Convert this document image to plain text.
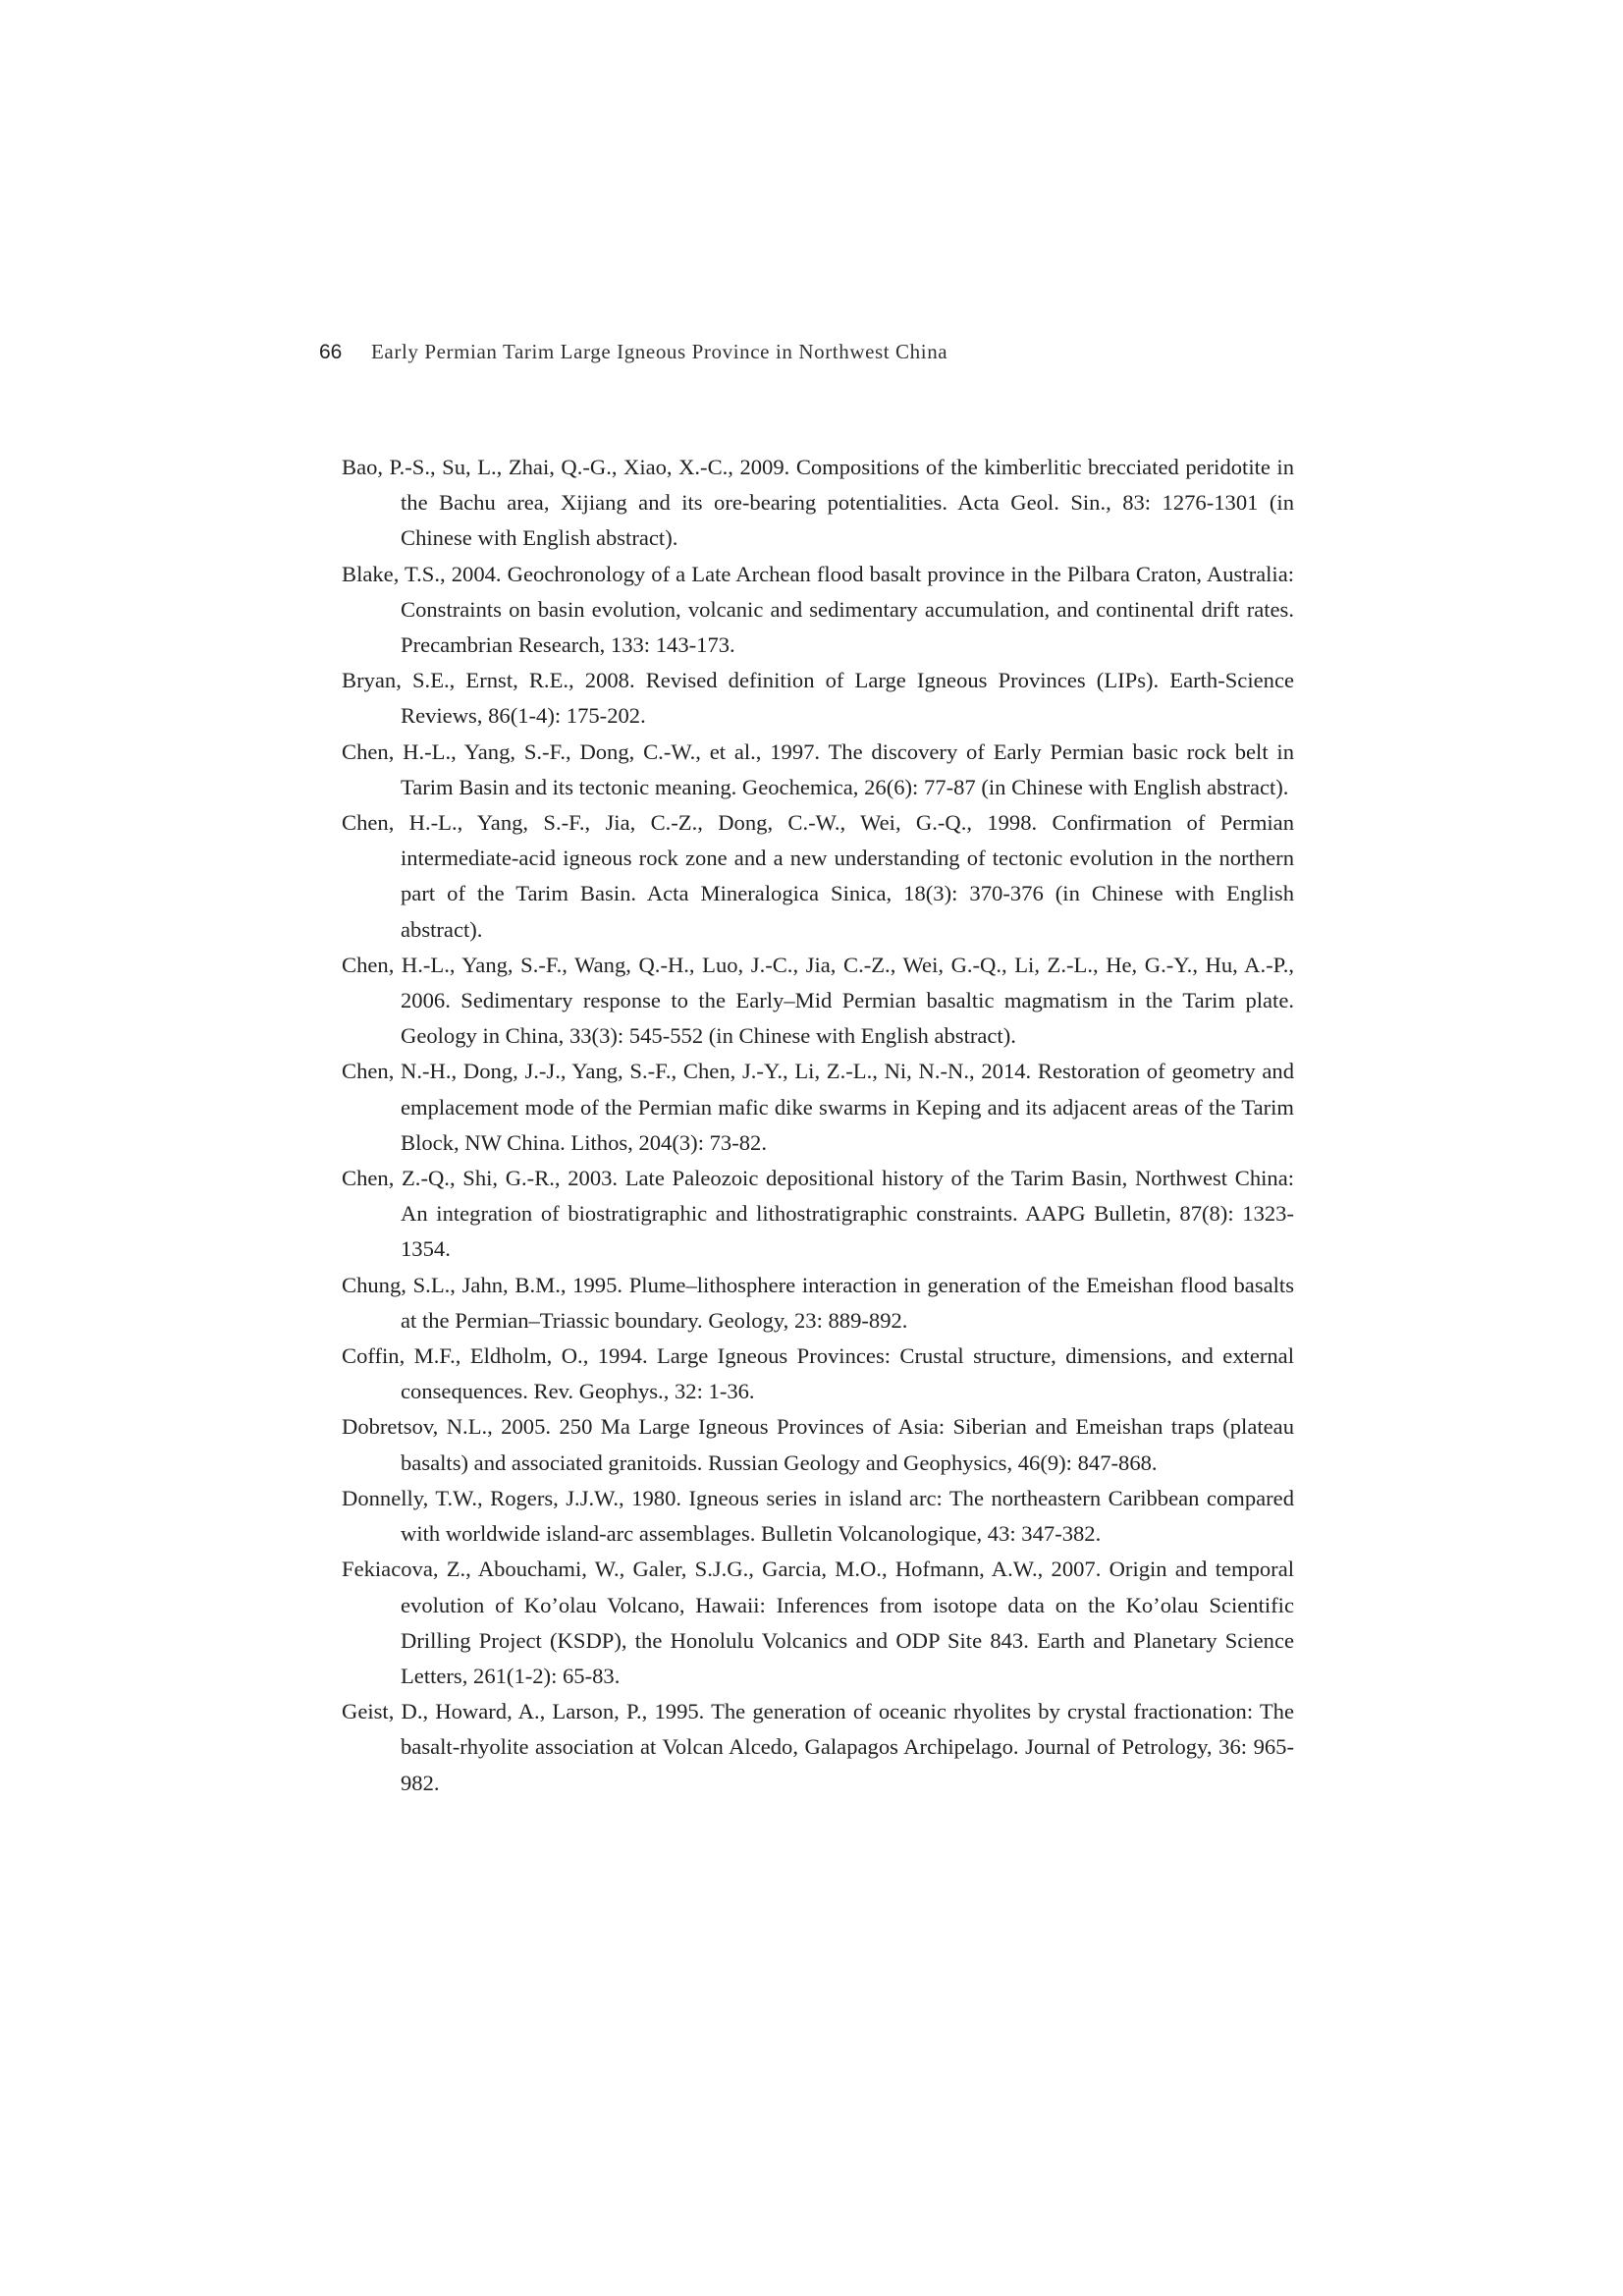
66 Early Permian Tarim Large Igneous Province in Northwest China

Bao, P.-S., Su, L., Zhai, Q.-G., Xiao, X.-C., 2009. Compositions of the kimberlitic brecciated peridotite in the Bachu area, Xijiang and its ore-bearing potentialities. Acta Geol. Sin., 83: 1276-1301 (in Chinese with English abstract).

Blake, T.S., 2004. Geochronology of a Late Archean flood basalt province in the Pilbara Craton, Australia: Constraints on basin evolution, volcanic and sedimentary accumulation, and continental drift rates. Precambrian Research, 133: 143-173.

Bryan, S.E., Ernst, R.E., 2008. Revised definition of Large Igneous Provinces (LIPs). Earth-Science Reviews, 86(1-4): 175-202.

Chen, H.-L., Yang, S.-F., Dong, C.-W., et al., 1997. The discovery of Early Permian basic rock belt in Tarim Basin and its tectonic meaning. Geochemica, 26(6): 77-87 (in Chinese with English abstract).

Chen, H.-L., Yang, S.-F., Jia, C.-Z., Dong, C.-W., Wei, G.-Q., 1998. Confirmation of Permian intermediate-acid igneous rock zone and a new understanding of tectonic evolution in the northern part of the Tarim Basin. Acta Mineralogica Sinica, 18(3): 370-376 (in Chinese with English abstract).

Chen, H.-L., Yang, S.-F., Wang, Q.-H., Luo, J.-C., Jia, C.-Z., Wei, G.-Q., Li, Z.-L., He, G.-Y., Hu, A.-P., 2006. Sedimentary response to the Early–Mid Permian basaltic magmatism in the Tarim plate. Geology in China, 33(3): 545-552 (in Chinese with English abstract).

Chen, N.-H., Dong, J.-J., Yang, S.-F., Chen, J.-Y., Li, Z.-L., Ni, N.-N., 2014. Restoration of geometry and emplacement mode of the Permian mafic dike swarms in Keping and its adjacent areas of the Tarim Block, NW China. Lithos, 204(3): 73-82.

Chen, Z.-Q., Shi, G.-R., 2003. Late Paleozoic depositional history of the Tarim Basin, Northwest China: An integration of biostratigraphic and lithostratigraphic constraints. AAPG Bulletin, 87(8): 1323-1354.

Chung, S.L., Jahn, B.M., 1995. Plume–lithosphere interaction in generation of the Emeishan flood basalts at the Permian–Triassic boundary. Geology, 23: 889-892.

Coffin, M.F., Eldholm, O., 1994. Large Igneous Provinces: Crustal structure, dimensions, and external consequences. Rev. Geophys., 32: 1-36.

Dobretsov, N.L., 2005. 250 Ma Large Igneous Provinces of Asia: Siberian and Emeishan traps (plateau basalts) and associated granitoids. Russian Geology and Geophysics, 46(9): 847-868.

Donnelly, T.W., Rogers, J.J.W., 1980. Igneous series in island arc: The northeastern Caribbean compared with worldwide island-arc assemblages. Bulletin Volcanologique, 43: 347-382.

Fekiacova, Z., Abouchami, W., Galer, S.J.G., Garcia, M.O., Hofmann, A.W., 2007. Origin and temporal evolution of Ko’olau Volcano, Hawaii: Inferences from isotope data on the Ko’olau Scientific Drilling Project (KSDP), the Honolulu Volcanics and ODP Site 843. Earth and Planetary Science Letters, 261(1-2): 65-83.

Geist, D., Howard, A., Larson, P., 1995. The generation of oceanic rhyolites by crystal fractionation: The basalt-rhyolite association at Volcan Alcedo, Galapagos Archipelago. Journal of Petrology, 36: 965-982.
